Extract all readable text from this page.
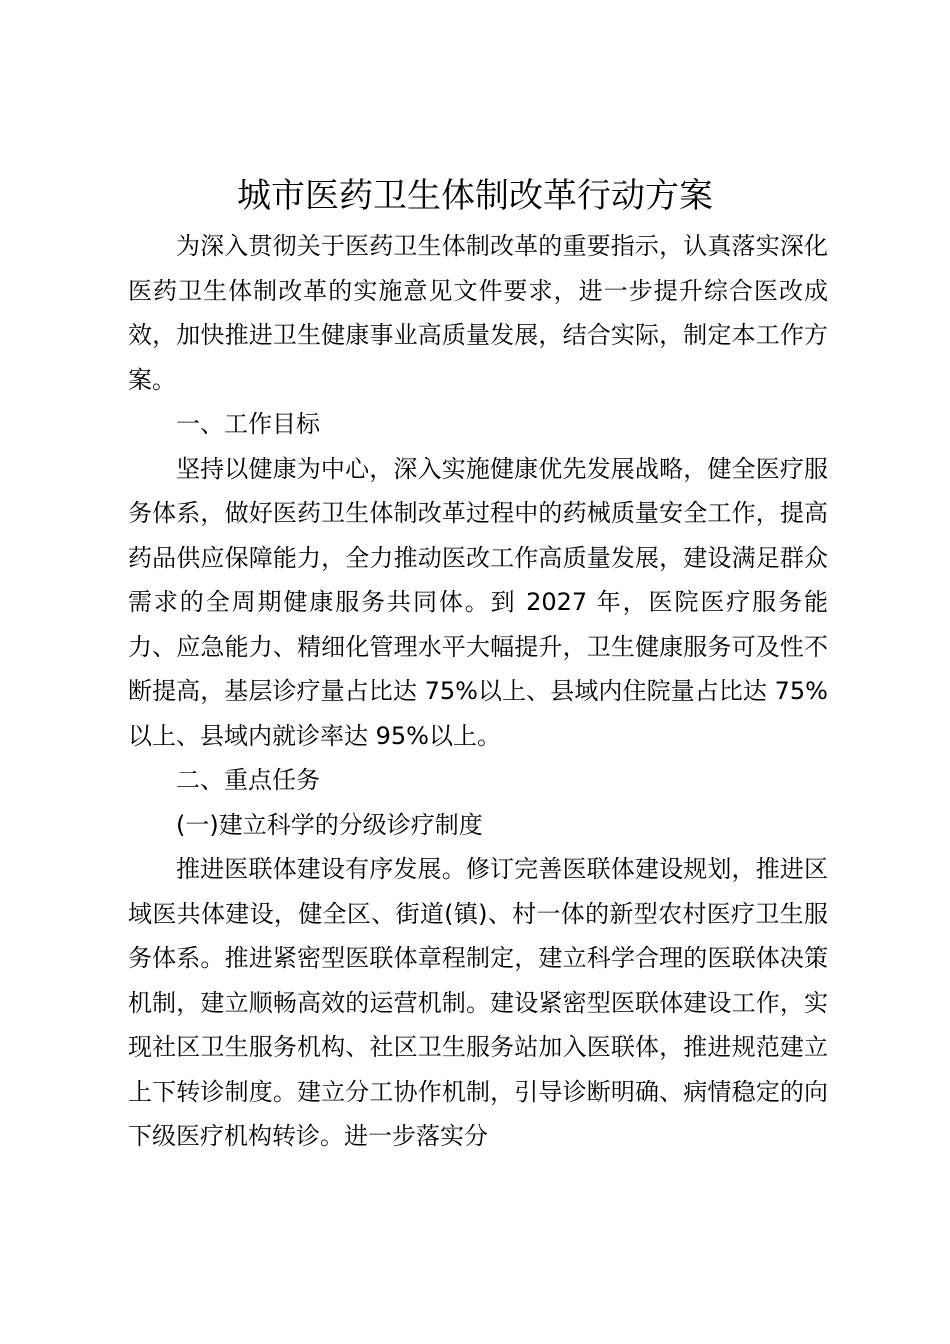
城市医药卫生体制改革行动方案

为深入贯彻关于医药卫生体制改革的重要指示，认真落实深化医药卫生体制改革的实施意见文件要求，进一步提升综合医改成效，加快推进卫生健康事业高质量发展，结合实际，制定本工作方案。

一、工作目标

坚持以健康为中心，深入实施健康优先发展战略，健全医疗服务体系，做好医药卫生体制改革过程中的药械质量安全工作，提高药品供应保障能力，全力推动医改工作高质量发展，建设满足群众需求的全周期健康服务共同体。到 2027 年，医院医疗服务能力、应急能力、精细化管理水平大幅提升，卫生健康服务可及性不断提高，基层诊疗量占比达 75%以上、县域内住院量占比达 75%以上、县域内就诊率达 95%以上。

二、重点任务

(一)建立科学的分级诊疗制度

推进医联体建设有序发展。修订完善医联体建设规划，推进区域医共体建设，健全区、街道(镇)、村一体的新型农村医疗卫生服务体系。推进紧密型医联体章程制定，建立科学合理的医联体决策机制，建立顺畅高效的运营机制。建设紧密型医联体建设工作，实现社区卫生服务机构、社区卫生服务站加入医联体，推进规范建立上下转诊制度。建立分工协作机制，引导诊断明确、病情稳定的向下级医疗机构转诊。进一步落实分
